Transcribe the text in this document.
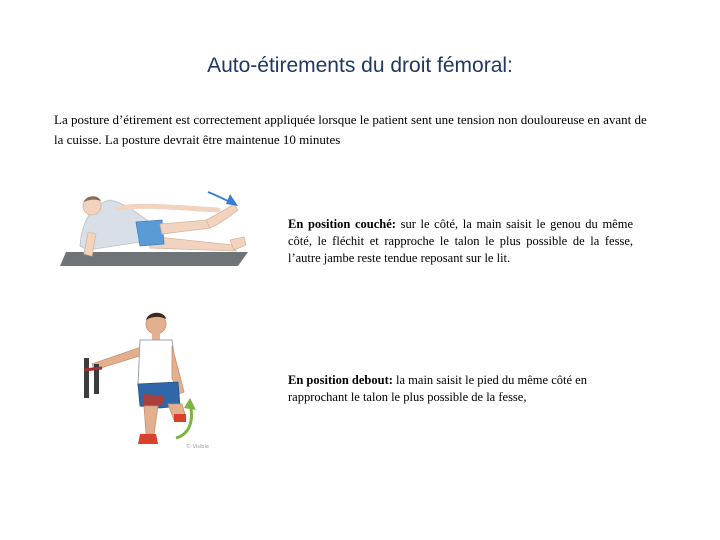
Auto-étirements du droit fémoral:
La posture d’étirement est correctement appliquée lorsque le patient sent une tension non douloureuse en avant de la cuisse. La posture devrait être maintenue 10 minutes
En position couché: sur le côté, la main saisit le genou du même côté, le fléchit et rapproche le talon le plus possible de la fesse, l’autre jambe reste tendue reposant sur le lit.
© Visible
En position debout: la main saisit le pied du même côté en rapprochant le talon le plus possible de la fesse,
